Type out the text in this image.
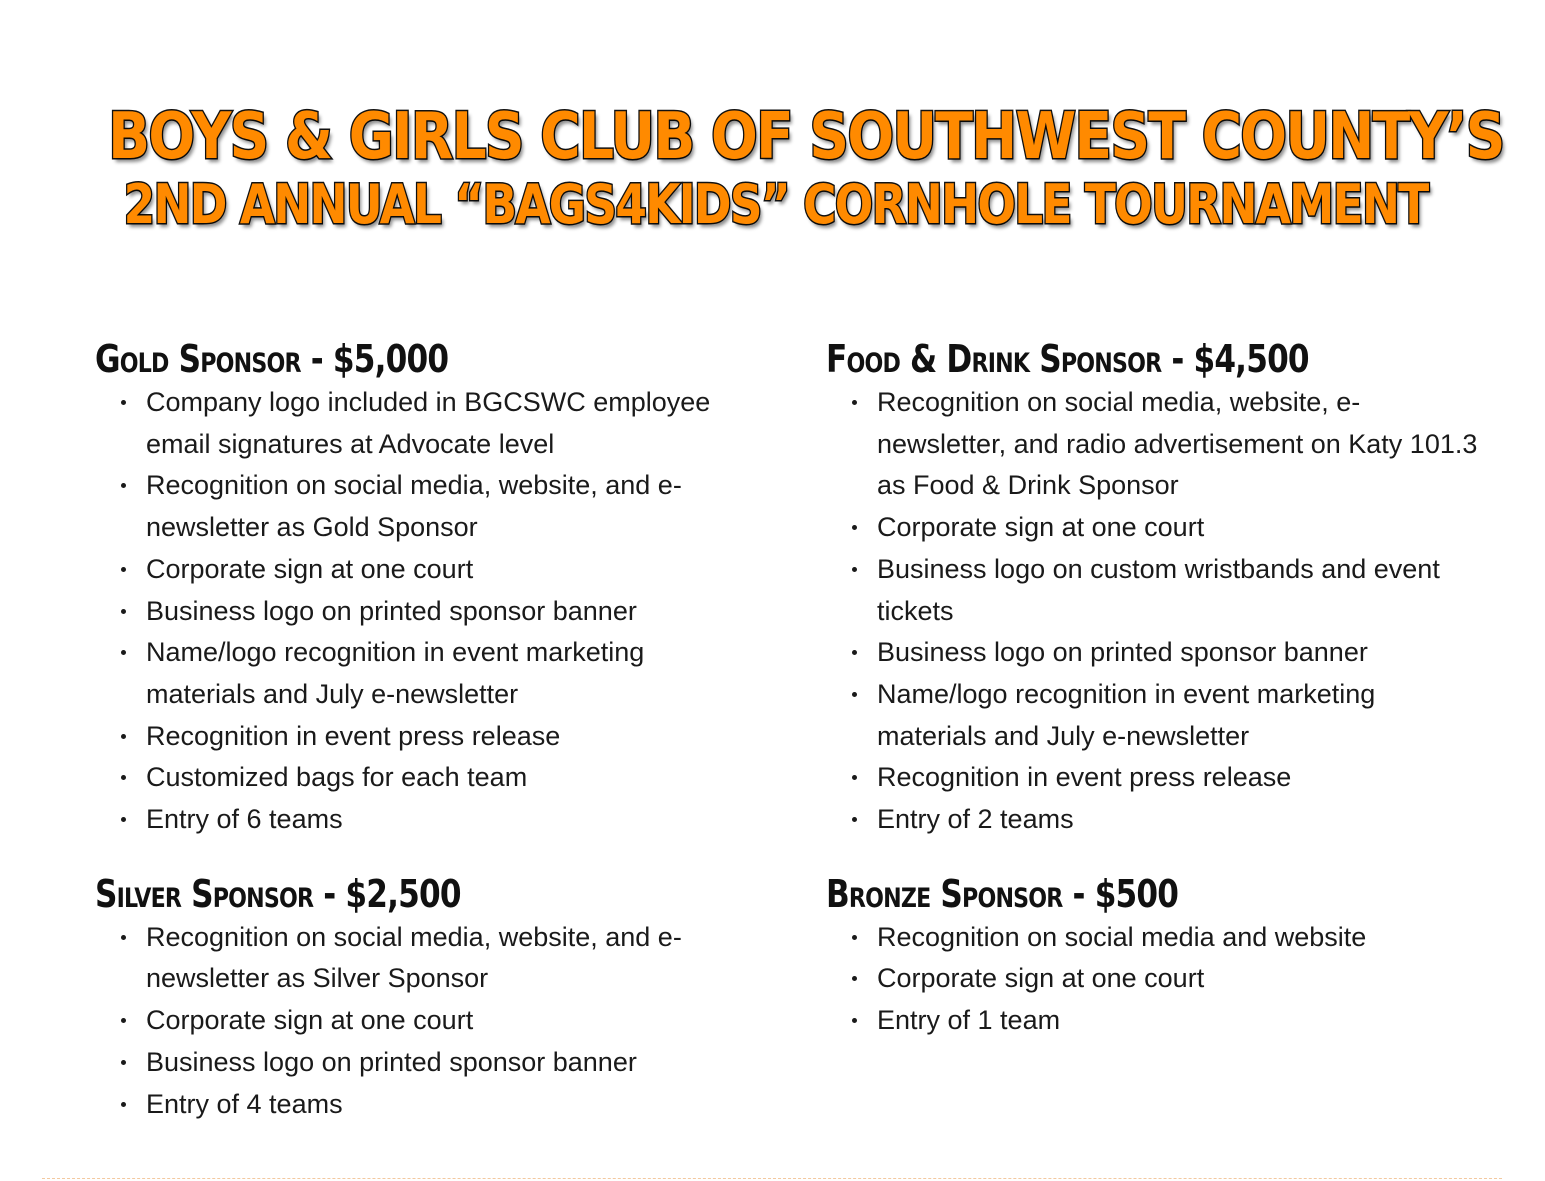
BOYS & GIRLS CLUB OF SOUTHWEST COUNTY’S
2ND ANNUAL “BAGS4KIDS” CORNHOLE TOURNAMENT
Gold Sponsor - $5,000
Company logo included in BGCSWC employee email signatures at Advocate level
Recognition on social media, website, and e-newsletter as Gold Sponsor
Corporate sign at one court
Business logo on printed sponsor banner
Name/logo recognition in event marketing materials and July e-newsletter
Recognition in event press release
Customized bags for each team
Entry of 6 teams
Silver Sponsor - $2,500
Recognition on social media, website, and e-newsletter as Silver Sponsor
Corporate sign at one court
Business logo on printed sponsor banner
Entry of 4 teams
Food & Drink Sponsor - $4,500
Recognition on social media, website, e-newsletter, and radio advertisement on Katy 101.3 as Food & Drink Sponsor
Corporate sign at one court
Business logo on custom wristbands and event tickets
Business logo on printed sponsor banner
Name/logo recognition in event marketing materials and July e-newsletter
Recognition in event press release
Entry of 2 teams
Bronze Sponsor - $500
Recognition on social media and website
Corporate sign at one court
Entry of 1 team
